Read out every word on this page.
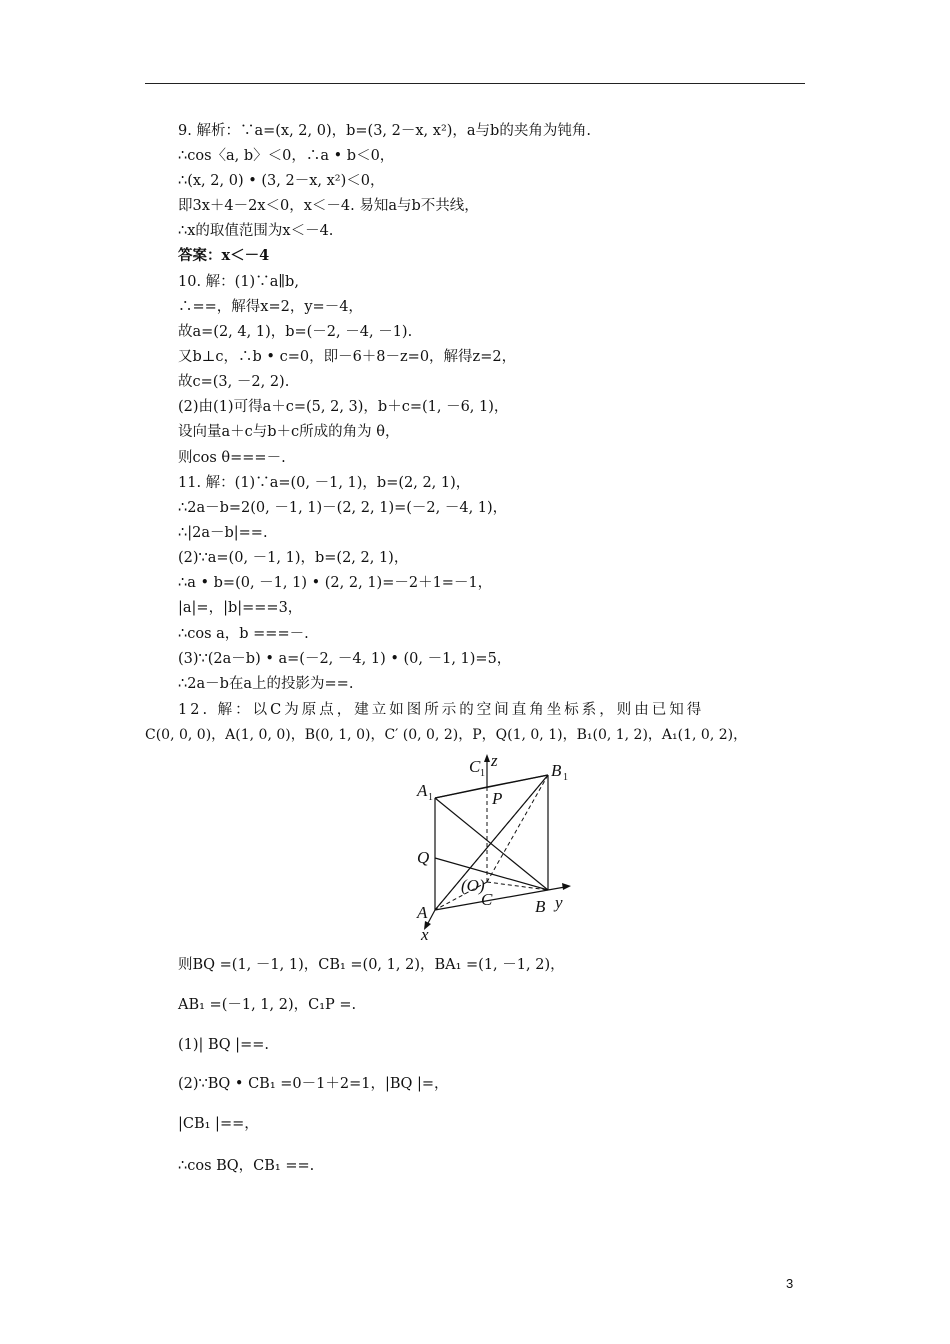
9. 解析：∵a=(x, 2, 0)，b=(3, 2－x, x²)，a与b的夹角为钝角.
∴cos〈a, b〉＜0，∴a • b＜0，
∴(x, 2, 0) • (3, 2－x, x²)＜0，
即3x＋4－2x＜0，x＜－4. 易知a与b不共线，
∴x的取值范围为x＜－4.
答案：x＜－4
10. 解：(1)∵a∥b,
∴==，解得x=2，y=－4，
故a=(2, 4, 1)，b=(－2, －4, －1).
又b⊥c，∴b • c=0，即－6＋8－z=0，解得z=2，
故c=(3, －2, 2).
(2)由(1)可得a＋c=(5, 2, 3)，b＋c=(1, －6, 1)，
设向量a＋c与b＋c所成的角为 θ，
则cos θ===－.
11. 解：(1)∵a=(0, －1, 1)，b=(2, 2, 1)，
∴2a－b=2(0, －1, 1)－(2, 2, 1)=(－2, －4, 1)，
∴|2a－b|==.
(2)∵a=(0, －1, 1)，b=(2, 2, 1)，
∴a • b=(0, －1, 1) • (2, 2, 1)=－2＋1=－1，
|a|=，|b|===3，
∴cos a，b ===－.
(3)∵(2a－b) • a=(－2, －4, 1) • (0, －1, 1)=5，
∴2a－b在a上的投影为==.
12. 解：以C为原点，建立如图所示的空间直角坐标系，则由已知得
C(0, 0, 0)，A(1, 0, 0)，B(0, 1, 0)，C′ (0, 0, 2)，P，Q(1, 0, 1)，B₁(0, 1, 2)，A₁(1, 0, 2)，
C 1
z
B 1
A 1	P
Q
(O)
C
A	B y
x
则BQ =(1, －1, 1)，CB₁ =(0, 1, 2)，BA₁ =(1, －1, 2)，
AB₁ =(－1, 1, 2)，C₁P =.
(1)| BQ |==.
(2)∵BQ • CB₁ =0－1＋2=1，|BQ |=，
|CB₁ |==，
∴cos BQ，CB₁ ==.
3
